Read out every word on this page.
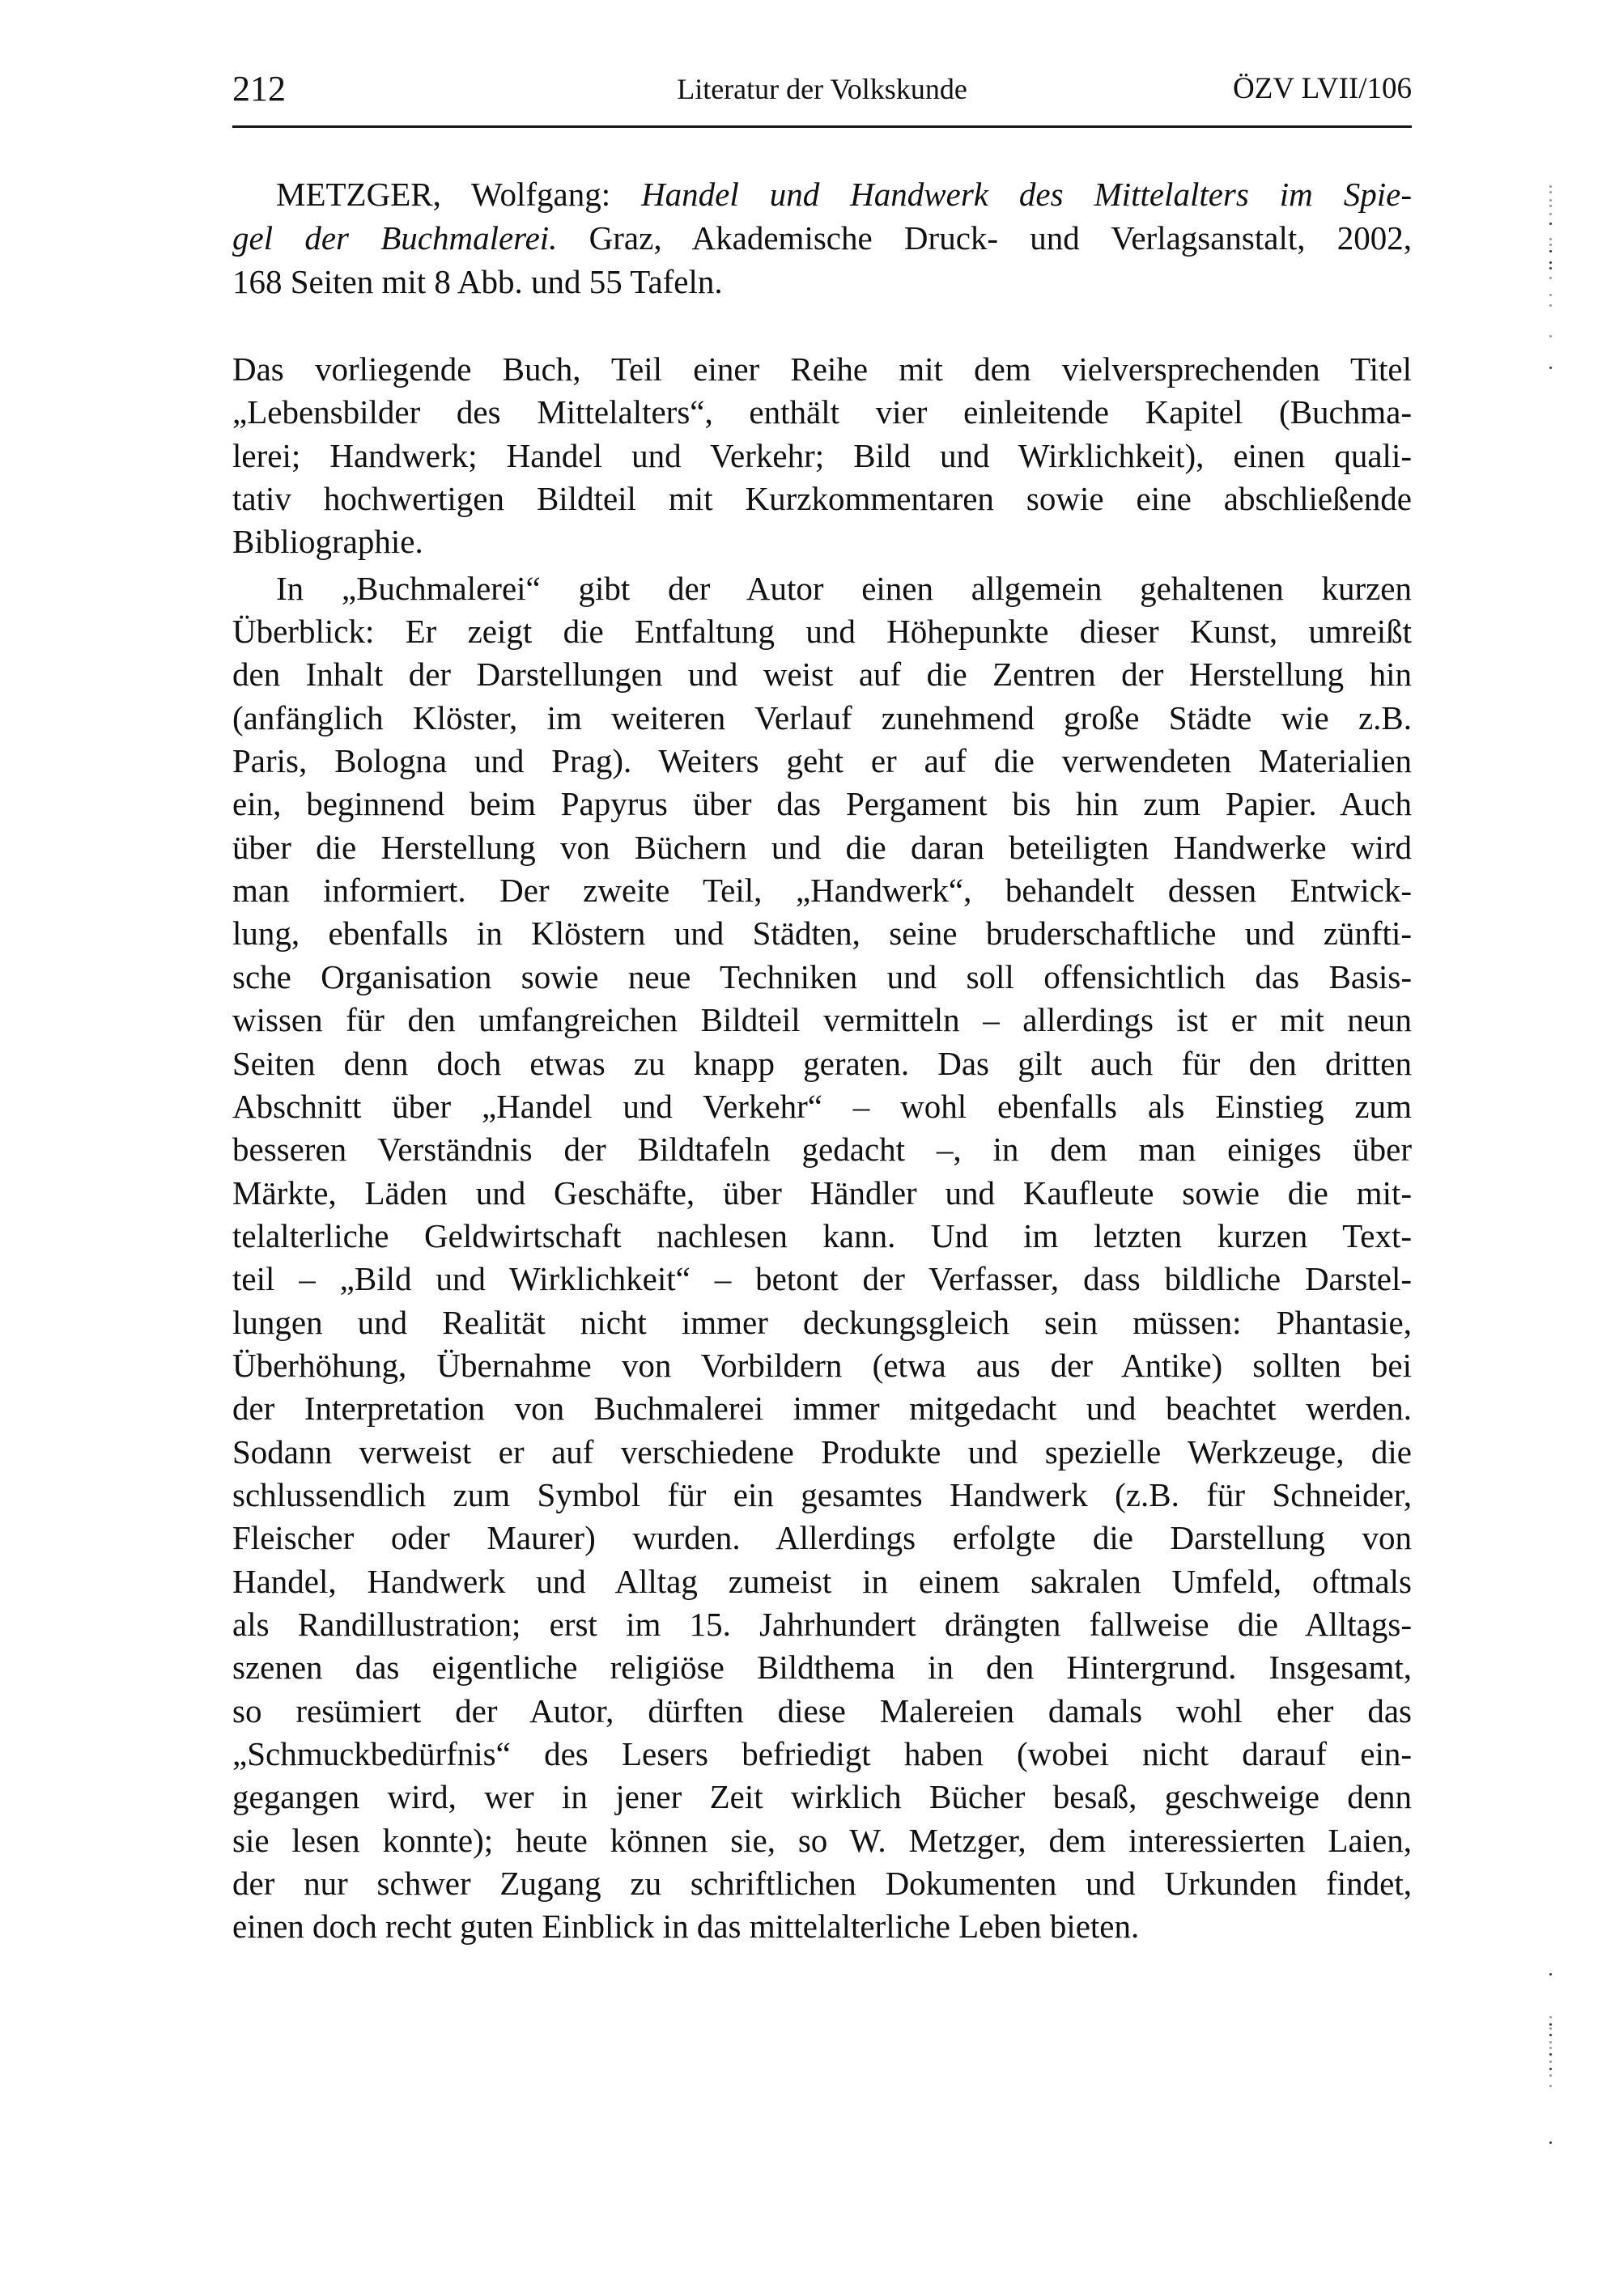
212	Literatur der Volkskunde	ÖZV LVII/106
METZGER, Wolfgang: Handel und Handwerk des Mittelalters im Spie-
gel der Buchmalerei. Graz, Akademische Druck- und Verlagsanstalt, 2002,
168 Seiten mit 8 Abb. und 55 Tafeln.
Das vorliegende Buch, Teil einer Reihe mit dem vielversprechenden Titel
„Lebensbilder des Mittelalters“, enthält vier einleitende Kapitel (Buchma-
lerei; Handwerk; Handel und Verkehr; Bild und Wirklichkeit), einen quali-
tativ hochwertigen Bildteil mit Kurzkommentaren sowie eine abschließende
Bibliographie.
In „Buchmalerei“ gibt der Autor einen allgemein gehaltenen kurzen
Überblick: Er zeigt die Entfaltung und Höhepunkte dieser Kunst, umreißt
den Inhalt der Darstellungen und weist auf die Zentren der Herstellung hin
(anfänglich Klöster, im weiteren Verlauf zunehmend große Städte wie z.B.
Paris, Bologna und Prag). Weiters geht er auf die verwendeten Materialien
ein, beginnend beim Papyrus über das Pergament bis hin zum Papier. Auch
über die Herstellung von Büchern und die daran beteiligten Handwerke wird
man informiert. Der zweite Teil, „Handwerk“, behandelt dessen Entwick-
lung, ebenfalls in Klöstern und Städten, seine bruderschaftliche und zünfti-
sche Organisation sowie neue Techniken und soll offensichtlich das Basis-
wissen für den umfangreichen Bildteil vermitteln – allerdings ist er mit neun
Seiten denn doch etwas zu knapp geraten. Das gilt auch für den dritten
Abschnitt über „Handel und Verkehr“ – wohl ebenfalls als Einstieg zum
besseren Verständnis der Bildtafeln gedacht –, in dem man einiges über
Märkte, Läden und Geschäfte, über Händler und Kaufleute sowie die mit-
telalterliche Geldwirtschaft nachlesen kann. Und im letzten kurzen Text-
teil – „Bild und Wirklichkeit“ – betont der Verfasser, dass bildliche Darstel-
lungen und Realität nicht immer deckungsgleich sein müssen: Phantasie,
Überhöhung, Übernahme von Vorbildern (etwa aus der Antike) sollten bei
der Interpretation von Buchmalerei immer mitgedacht und beachtet werden.
Sodann verweist er auf verschiedene Produkte und spezielle Werkzeuge, die
schlussendlich zum Symbol für ein gesamtes Handwerk (z.B. für Schneider,
Fleischer oder Maurer) wurden. Allerdings erfolgte die Darstellung von
Handel, Handwerk und Alltag zumeist in einem sakralen Umfeld, oftmals
als Randillustration; erst im 15. Jahrhundert drängten fallweise die Alltags-
szenen das eigentliche religiöse Bildthema in den Hintergrund. Insgesamt,
so resümiert der Autor, dürften diese Malereien damals wohl eher das
„Schmuckbedürfnis“ des Lesers befriedigt haben (wobei nicht darauf ein-
gegangen wird, wer in jener Zeit wirklich Bücher besaß, geschweige denn
sie lesen konnte); heute können sie, so W. Metzger, dem interessierten Laien,
der nur schwer Zugang zu schriftlichen Dokumenten und Urkunden findet,
einen doch recht guten Einblick in das mittelalterliche Leben bieten.
